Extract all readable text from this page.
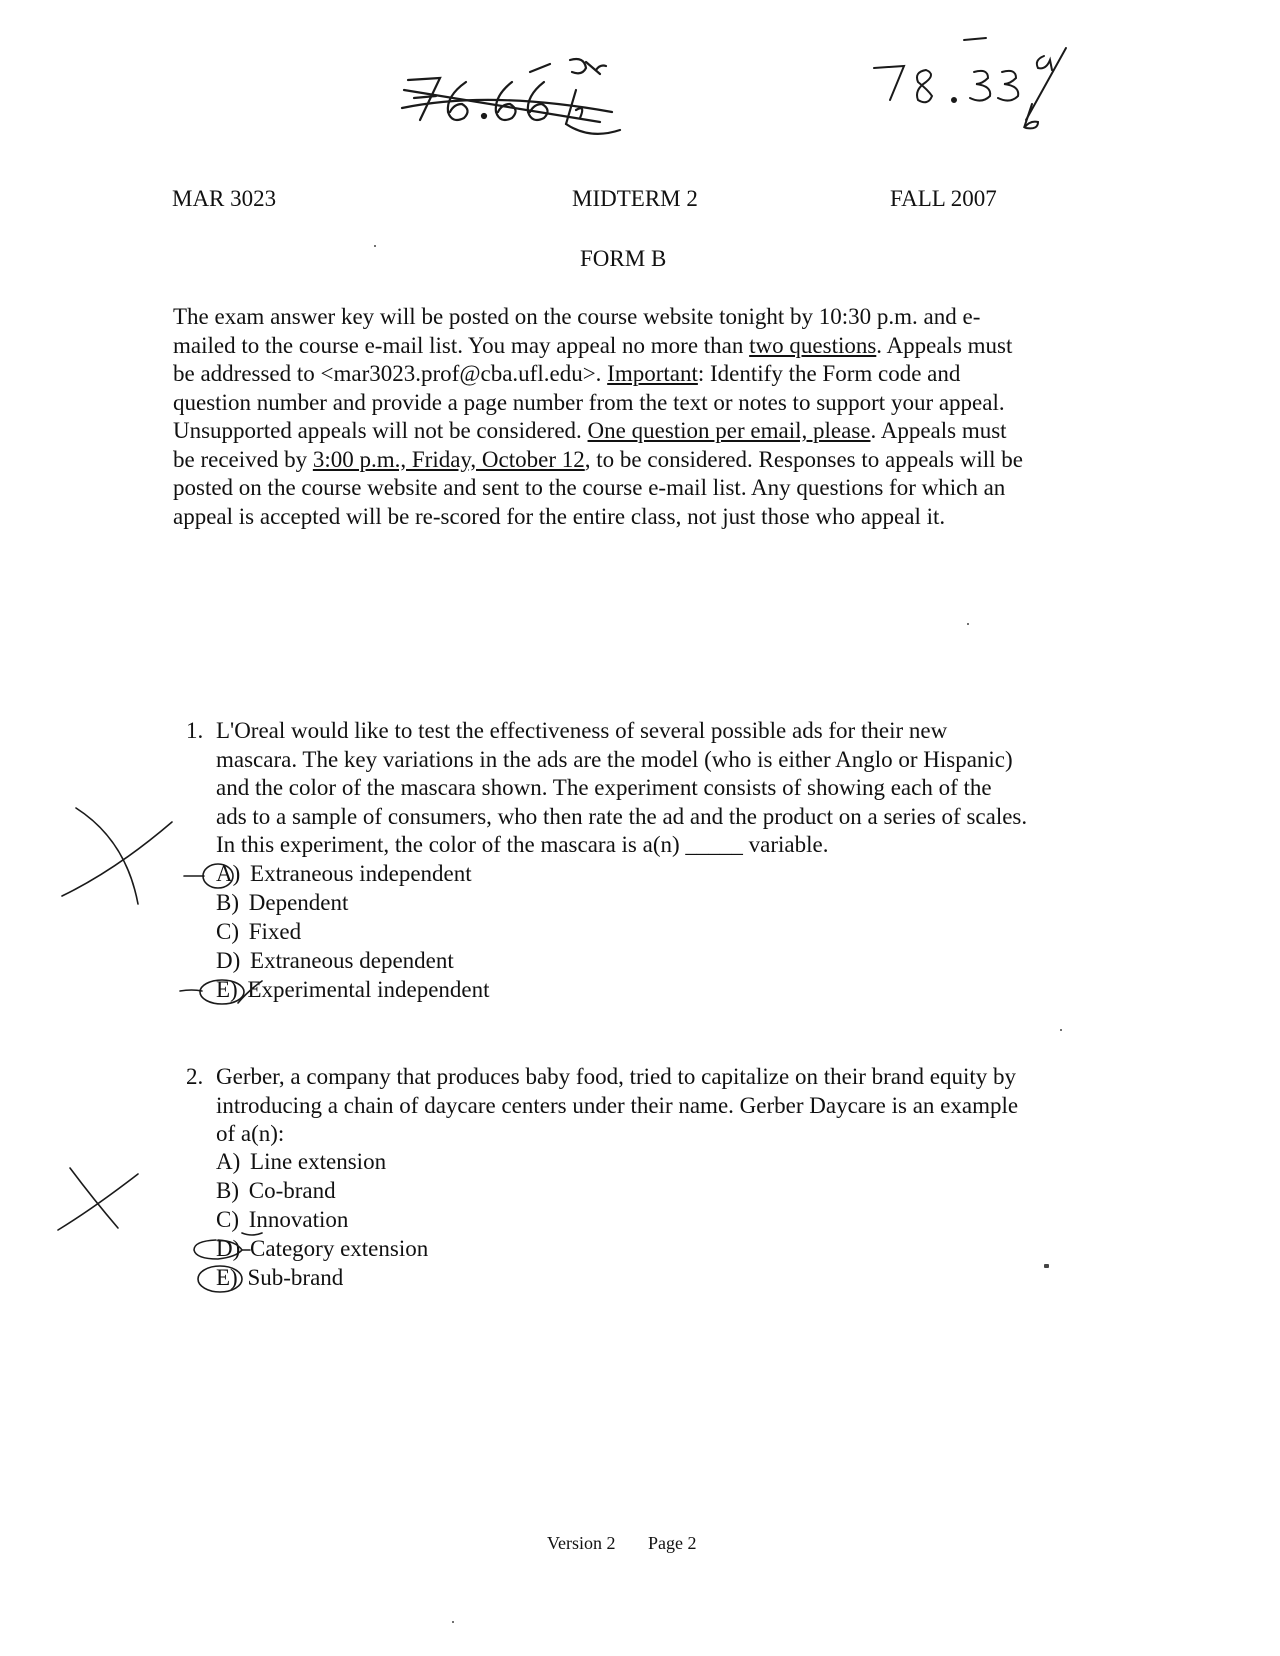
MAR 3023	MIDTERM 2	FALL 2007
FORM B
The exam answer key will be posted on the course website tonight by 10:30 p.m. and e-
mailed to the course e-mail list. You may appeal no more than two questions. Appeals must
be addressed to <mar3023.prof@cba.ufl.edu>. Important: Identify the Form code and
question number and provide a page number from the text or notes to support your appeal.
Unsupported appeals will not be considered. One question per email, please. Appeals must
be received by 3:00 p.m., Friday, October 12, to be considered. Responses to appeals will be
posted on the course website and sent to the course e-mail list. Any questions for which an
appeal is accepted will be re-scored for the entire class, not just those who appeal it.
1. L'Oreal would like to test the effectiveness of several possible ads for their new
mascara. The key variations in the ads are the model (who is either Anglo or Hispanic)
and the color of the mascara shown. The experiment consists of showing each of the
ads to a sample of consumers, who then rate the ad and the product on a series of scales.
In this experiment, the color of the mascara is a(n) _____ variable.
A) Extraneous independent
B) Dependent
C) Fixed
D) Extraneous dependent
E) Experimental independent
2. Gerber, a company that produces baby food, tried to capitalize on their brand equity by
introducing a chain of daycare centers under their name. Gerber Daycare is an example
of a(n):
A) Line extension
B) Co-brand
C) Innovation
D) Category extension
E) Sub-brand
Version 2 Page 2
